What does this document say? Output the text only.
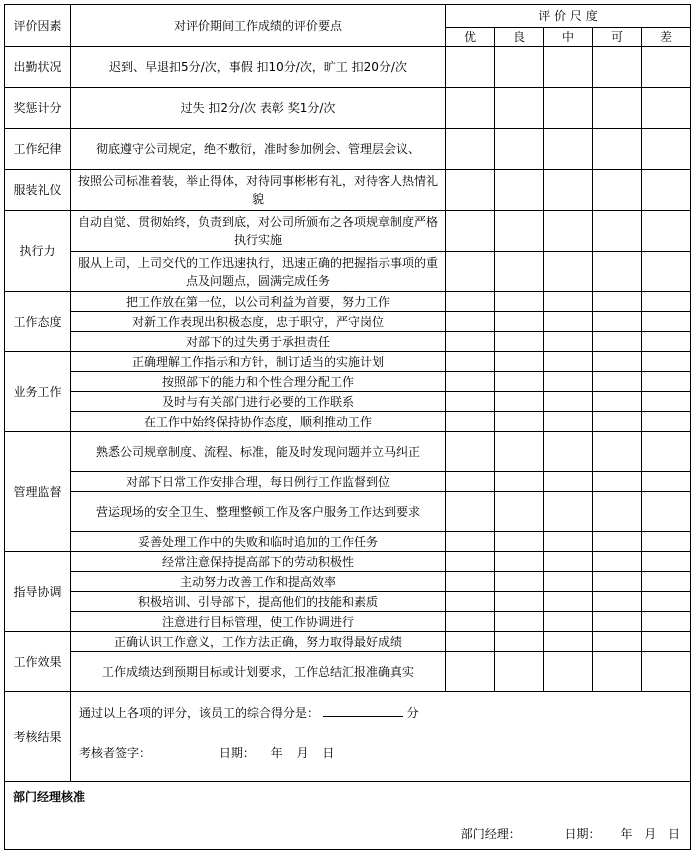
评价因素	对评价期间工作成绩的评价要点	评 价 尺 度				
		优	良	中	可	差
出勤状况	迟到、早退扣5分/次，事假 扣10分/次，旷工 扣20分/次					
奖惩计分	过失 扣2分/次 表彰 奖1分/次					
工作纪律	彻底遵守公司规定，绝不敷衍，准时参加例会、管理层会议、					
服装礼仪	按照公司标准着装，举止得体，对待同事彬彬有礼，对待客人热情礼貌					
执行力	自动自觉、贯彻始终，负责到底，对公司所颁布之各项规章制度严格执行实施					
	服从上司，上司交代的工作迅速执行，迅速正确的把握指示事项的重点及问题点，圆满完成任务					
工作态度	把工作放在第一位，以公司利益为首要，努力工作					
	对新工作表现出积极态度，忠于职守，严守岗位					
	对部下的过失勇于承担责任					
业务工作	正确理解工作指示和方针，制订适当的实施计划					
	按照部下的能力和个性合理分配工作					
	及时与有关部门进行必要的工作联系					
	在工作中始终保持协作态度，顺利推动工作					
管理监督	熟悉公司规章制度、流程、标准，能及时发现问题并立马纠正					
	对部下日常工作安排合理，每日例行工作监督到位					
	营运现场的安全卫生、整理整顿工作及客户服务工作达到要求					
	妥善处理工作中的失败和临时追加的工作任务					
指导协调	经常注意保持提高部下的劳动积极性					
	主动努力改善工作和提高效率					
	积极培训、引导部下，提高他们的技能和素质					
	注意进行目标管理，使工作协调进行					
工作效果	正确认识工作意义，工作方法正确，努力取得最好成绩					
	工作成绩达到预期目标或计划要求，工作总结汇报准确真实					
考核结果	通过以上各项的评分，该员工的综合得分是： 分
考核者签字： 日期： 年 月 日					

部门经理核准
部门经理： 日期： 年 月 日						
